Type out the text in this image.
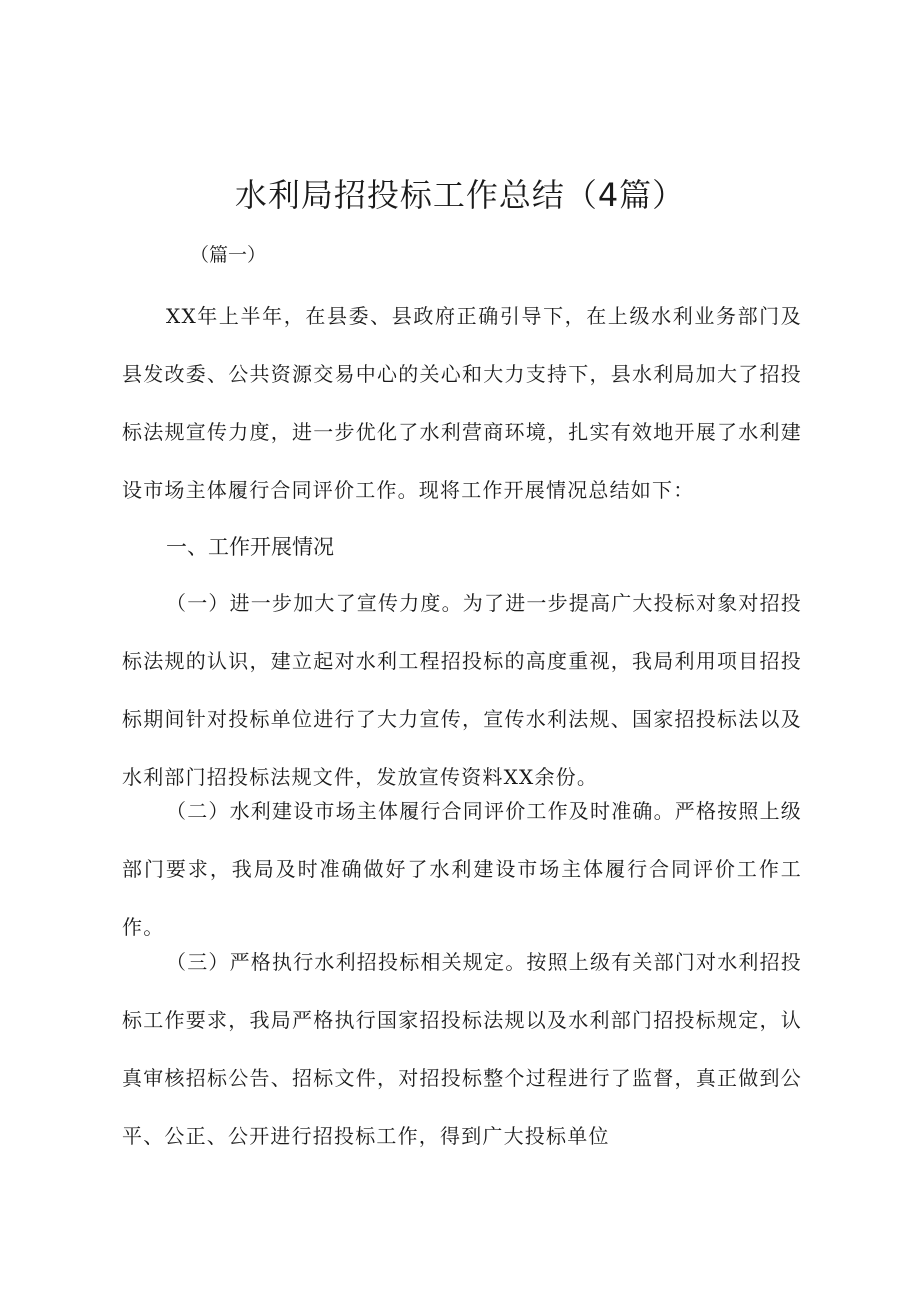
水利局招投标工作总结（4篇）

（篇一）

XX年上半年，在县委、县政府正确引导下，在上级水利业务部门及县发改委、公共资源交易中心的关心和大力支持下，县水利局加大了招投标法规宣传力度，进一步优化了水利营商环境，扎实有效地开展了水利建设市场主体履行合同评价工作。现将工作开展情况总结如下：

一、工作开展情况

（一）进一步加大了宣传力度。为了进一步提高广大投标对象对招投标法规的认识，建立起对水利工程招投标的高度重视，我局利用项目招投标期间针对投标单位进行了大力宣传，宣传水利法规、国家招投标法以及水利部门招投标法规文件，发放宣传资料XX余份。

（二）水利建设市场主体履行合同评价工作及时准确。严格按照上级部门要求，我局及时准确做好了水利建设市场主体履行合同评价工作工作。

（三）严格执行水利招投标相关规定。按照上级有关部门对水利招投标工作要求，我局严格执行国家招投标法规以及水利部门招投标规定，认真审核招标公告、招标文件，对招投标整个过程进行了监督，真正做到公平、公正、公开进行招投标工作，得到广大投标单位
